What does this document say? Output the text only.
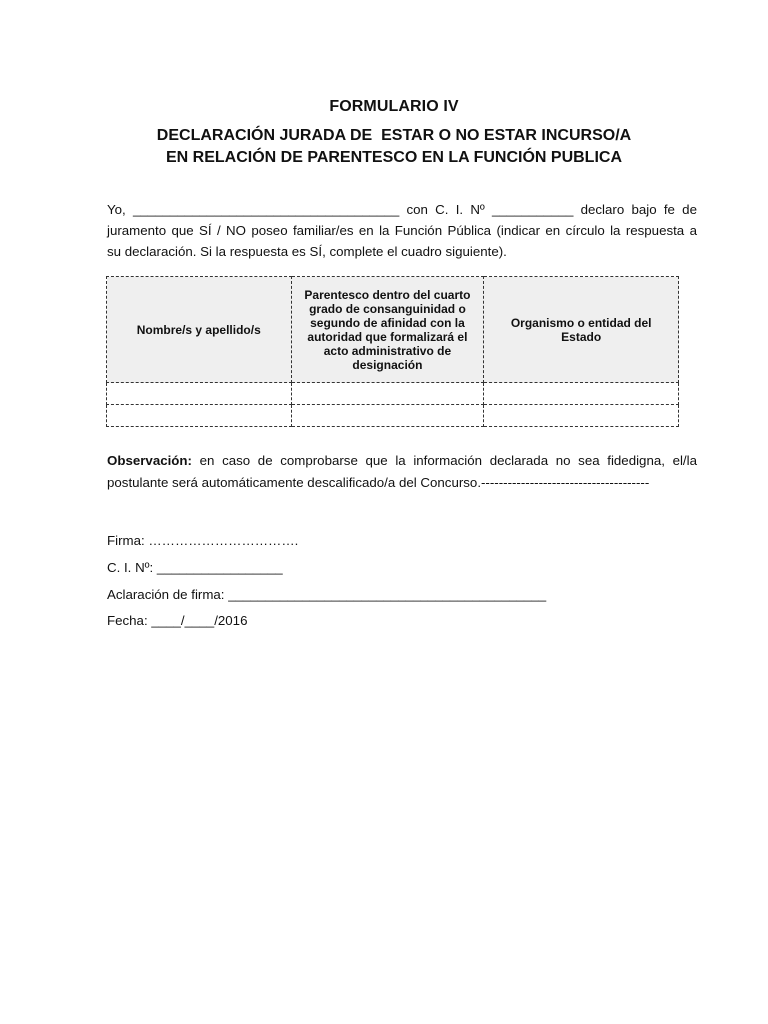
FORMULARIO IV
DECLARACIÓN JURADA DE  ESTAR O NO ESTAR INCURSO/A
EN RELACIÓN DE PARENTESCO EN LA FUNCIÓN PUBLICA
Yo, ____________________________________ con C. I. Nº ___________ declaro bajo fe de
juramento que SÍ / NO poseo familiar/es en la Función Pública (indicar en círculo la respuesta a
su declaración. Si la respuesta es SÍ, complete el cuadro siguiente).
Nombre/s y apellido/s	Parentesco dentro del cuarto grado de consanguinidad o segundo de afinidad con la autoridad que formalizará el acto administrativo de designación	Organismo o entidad del Estado

Observación: en caso de comprobarse que la información declarada no sea fidedigna, el/la
postulante será automáticamente descalificado/a del Concurso.--------------------------------------
Firma: …………………………….
C. I. Nº: _________________
Aclaración de firma: ___________________________________________
Fecha: ____/____/2016
